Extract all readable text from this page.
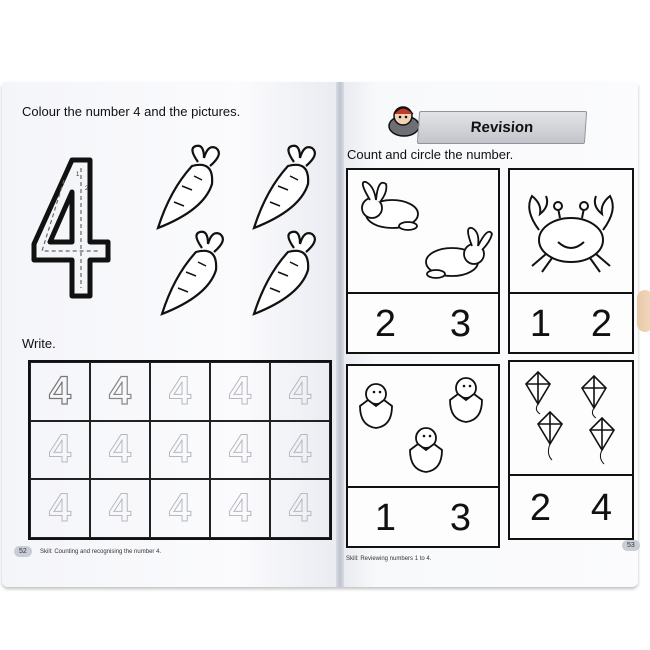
Colour the number 4 and the pictures.

1
2

Write.

4 4 4 4 4
4 4 4 4 4
4 4 4 4 4
52	Skill: Counting and recognising the number 4.
Revision

Count and circle the number.

2 3 1 2
1 3 2 4
Skill: Reviewing numbers 1 to 4.
53
